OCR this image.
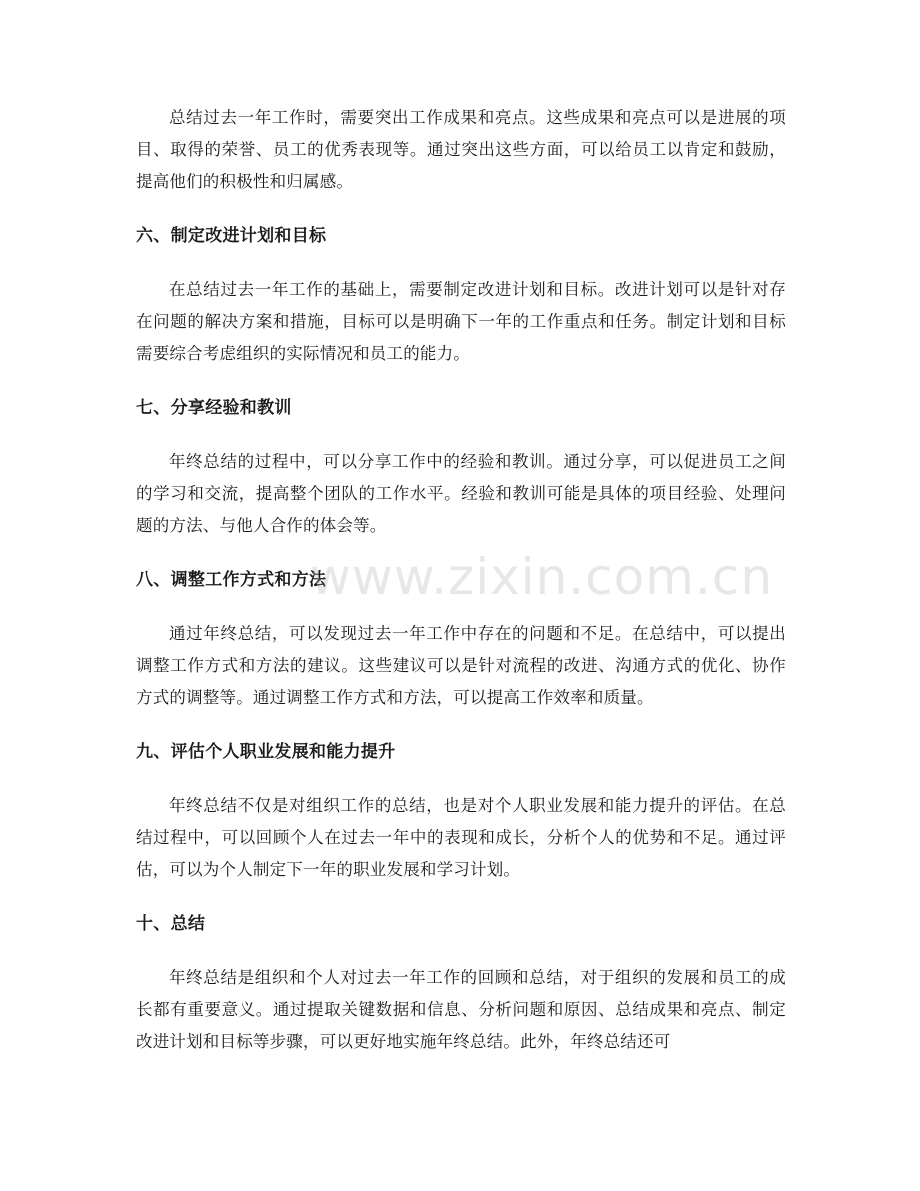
总结过去一年工作时，需要突出工作成果和亮点。这些成果和亮点可以是进展的项目、取得的荣誉、员工的优秀表现等。通过突出这些方面，可以给员工以肯定和鼓励，提高他们的积极性和归属感。

六、制定改进计划和目标

在总结过去一年工作的基础上，需要制定改进计划和目标。改进计划可以是针对存在问题的解决方案和措施，目标可以是明确下一年的工作重点和任务。制定计划和目标需要综合考虑组织的实际情况和员工的能力。

七、分享经验和教训

年终总结的过程中，可以分享工作中的经验和教训。通过分享，可以促进员工之间的学习和交流，提高整个团队的工作水平。经验和教训可能是具体的项目经验、处理问题的方法、与他人合作的体会等。

八、调整工作方式和方法

通过年终总结，可以发现过去一年工作中存在的问题和不足。在总结中，可以提出调整工作方式和方法的建议。这些建议可以是针对流程的改进、沟通方式的优化、协作方式的调整等。通过调整工作方式和方法，可以提高工作效率和质量。

九、评估个人职业发展和能力提升

年终总结不仅是对组织工作的总结，也是对个人职业发展和能力提升的评估。在总结过程中，可以回顾个人在过去一年中的表现和成长，分析个人的优势和不足。通过评估，可以为个人制定下一年的职业发展和学习计划。

十、总结

年终总结是组织和个人对过去一年工作的回顾和总结，对于组织的发展和员工的成长都有重要意义。通过提取关键数据和信息、分析问题和原因、总结成果和亮点、制定改进计划和目标等步骤，可以更好地实施年终总结。此外，年终总结还可

www.zixin.com.cn
